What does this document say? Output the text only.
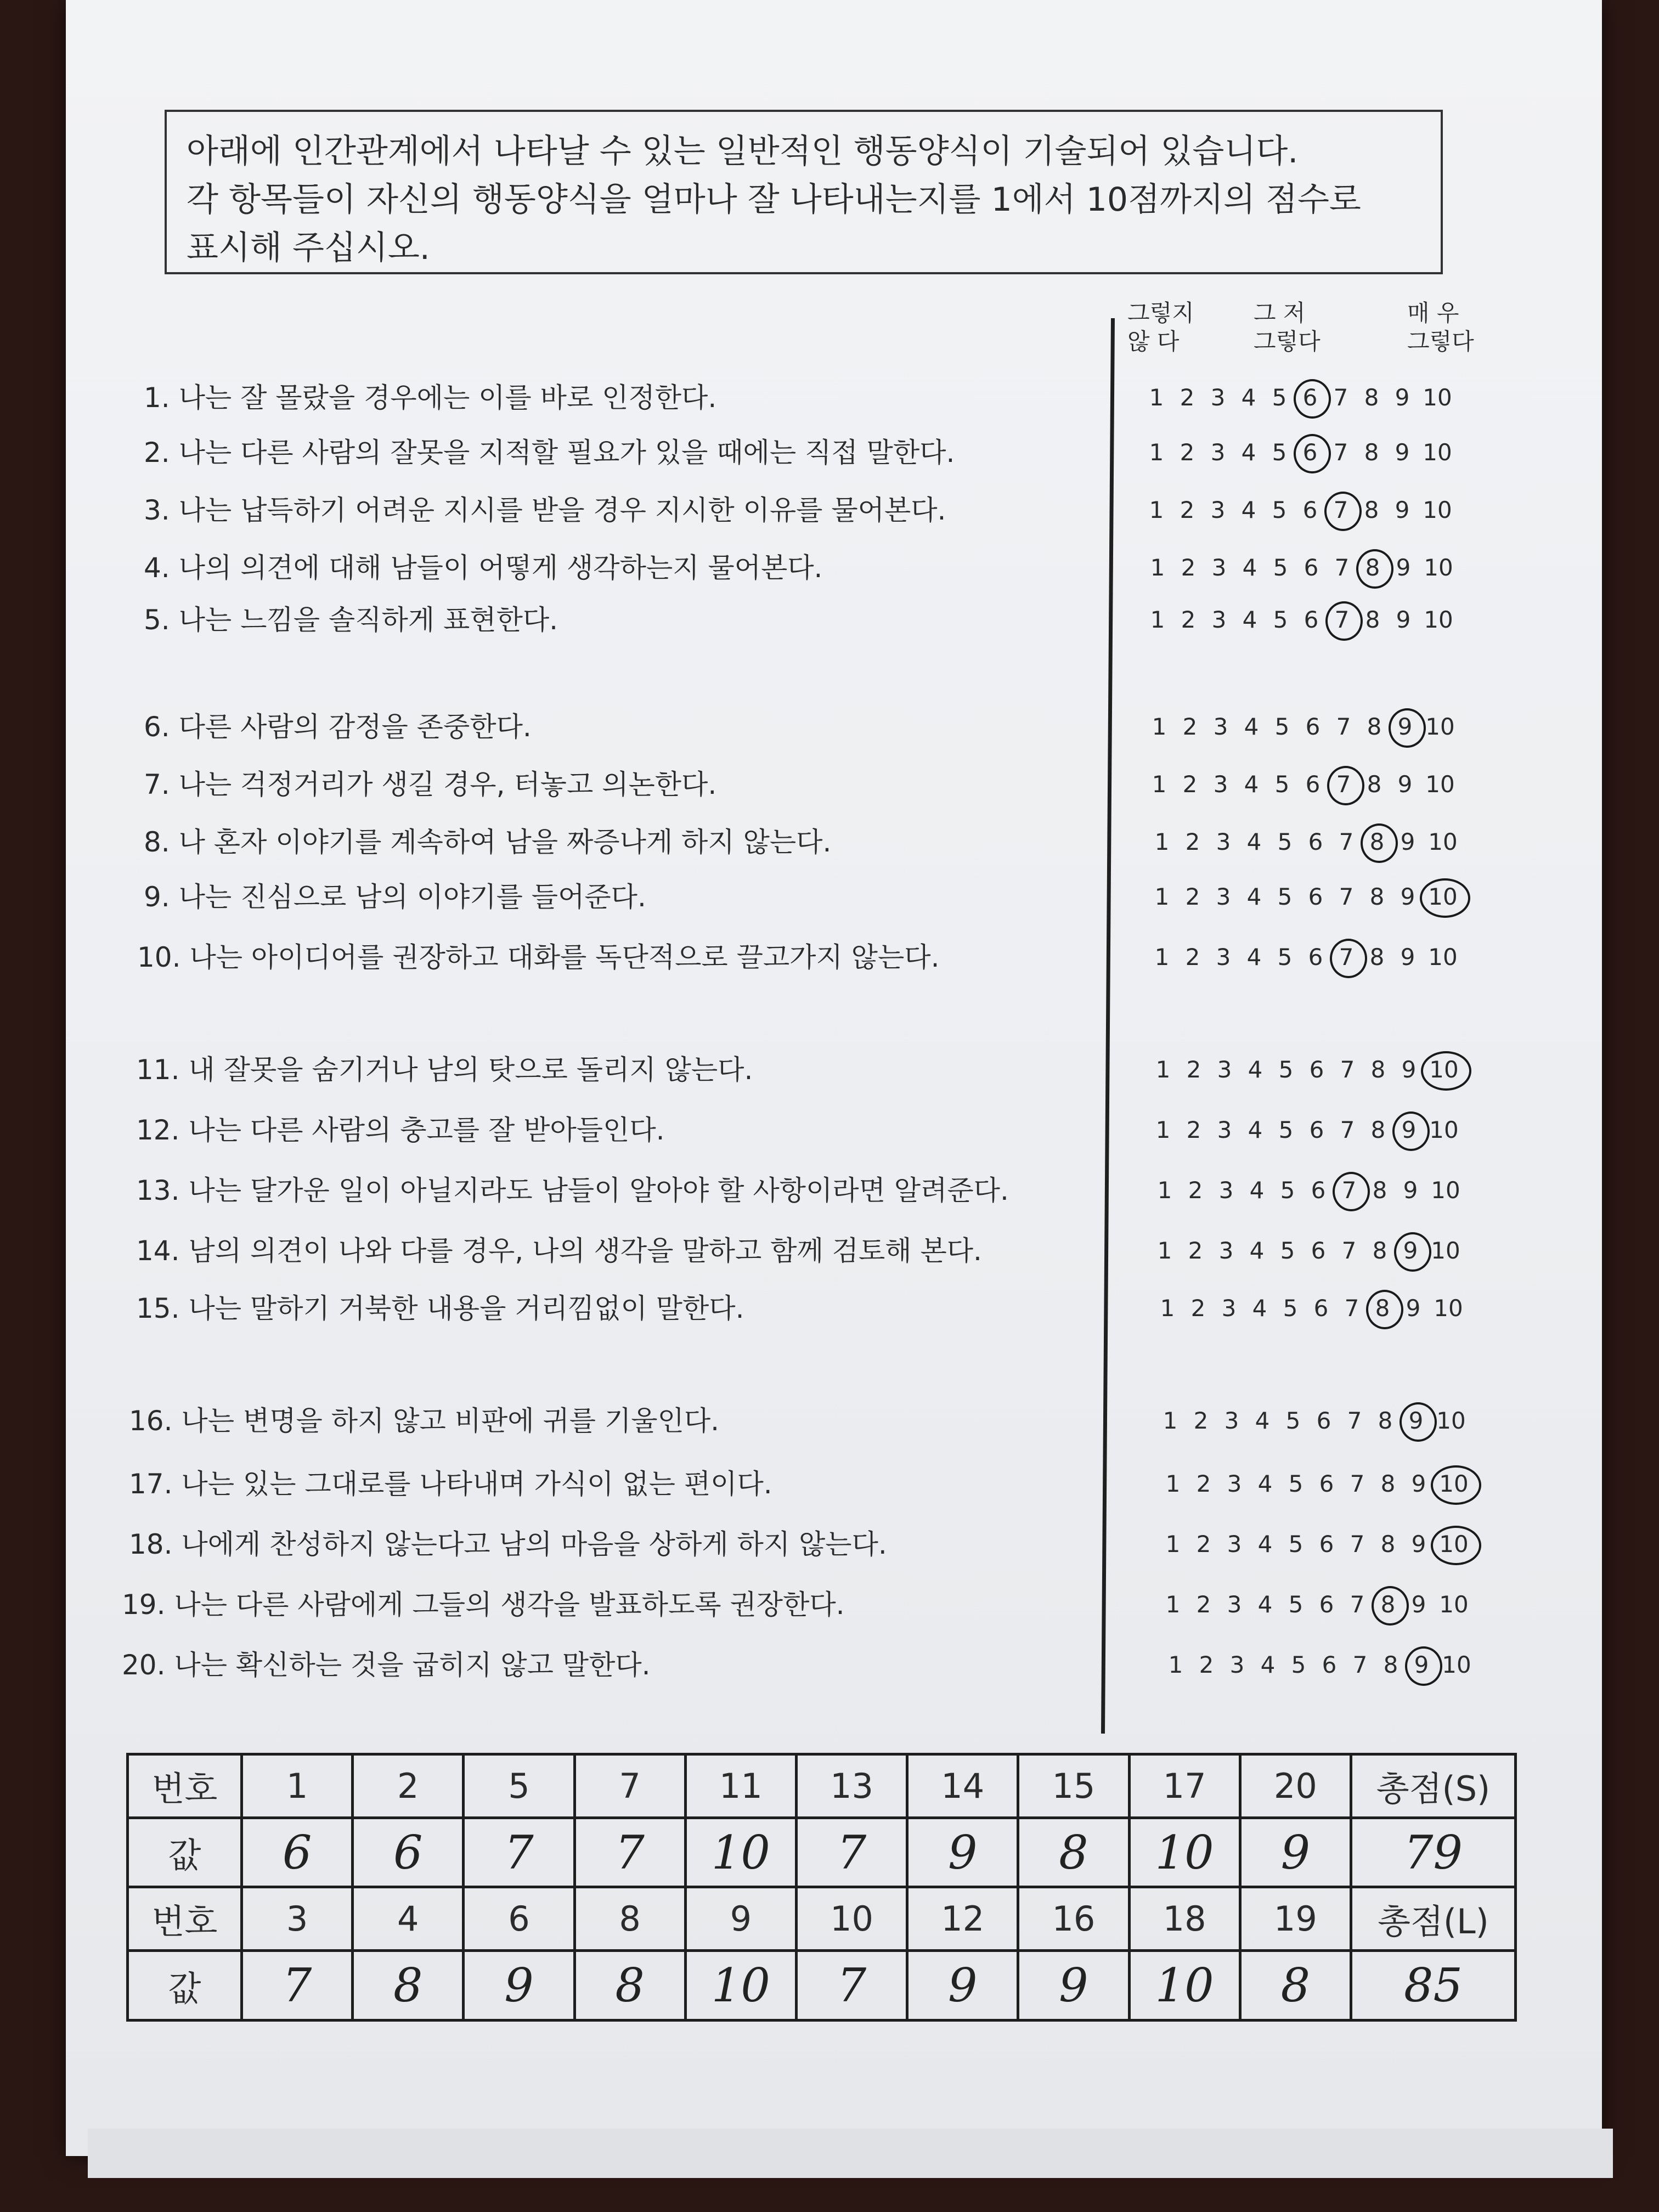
아래에 인간관계에서 나타날 수 있는 일반적인 행동양식이 기술되어 있습니다.

각 항목들이 자신의 행동양식을 얼마나 잘 나타내는지를 1에서 10점까지의 점수로

표시해 주십시오.

그렇지
않 다
그 저
그렇다
매 우
그렇다
1. 나는 잘 몰랐을 경우에는 이를 바로 인정한다.	1 2 3 4 5 6 7 8 9 10
2. 나는 다른 사람의 잘못을 지적할 필요가 있을 때에는 직접 말한다.	1 2 3 4 5 6 7 8 9 10
3. 나는 납득하기 어려운 지시를 받을 경우 지시한 이유를 물어본다.	1 2 3 4 5 6 7 8 9 10
4. 나의 의견에 대해 남들이 어떻게 생각하는지 물어본다.	1 2 3 4 5 6 7 8 9 10
5. 나는 느낌을 솔직하게 표현한다.	1 2 3 4 5 6 7 8 9 10
6. 다른 사람의 감정을 존중한다.	1 2 3 4 5 6 7 8 9 10
7. 나는 걱정거리가 생길 경우, 터놓고 의논한다.	1 2 3 4 5 6 7 8 9 10
8. 나 혼자 이야기를 계속하여 남을 짜증나게 하지 않는다.	1 2 3 4 5 6 7 8 9 10
9. 나는 진심으로 남의 이야기를 들어준다.	1 2 3 4 5 6 7 8 9 10
10. 나는 아이디어를 권장하고 대화를 독단적으로 끌고가지 않는다.	1 2 3 4 5 6 7 8 9 10
11. 내 잘못을 숨기거나 남의 탓으로 돌리지 않는다.	1 2 3 4 5 6 7 8 9 10
12. 나는 다른 사람의 충고를 잘 받아들인다.	1 2 3 4 5 6 7 8 9 10
13. 나는 달가운 일이 아닐지라도 남들이 알아야 할 사항이라면 알려준다.	1 2 3 4 5 6 7 8 9 10
14. 남의 의견이 나와 다를 경우, 나의 생각을 말하고 함께 검토해 본다.	1 2 3 4 5 6 7 8 9 10
15. 나는 말하기 거북한 내용을 거리낌없이 말한다.	1 2 3 4 5 6 7 8 9 10
16. 나는 변명을 하지 않고 비판에 귀를 기울인다.	1 2 3 4 5 6 7 8 9 10
17. 나는 있는 그대로를 나타내며 가식이 없는 편이다.	1 2 3 4 5 6 7 8 9 10
18. 나에게 찬성하지 않는다고 남의 마음을 상하게 하지 않는다.	1 2 3 4 5 6 7 8 9 10
19. 나는 다른 사람에게 그들의 생각을 발표하도록 권장한다.	1 2 3 4 5 6 7 8 9 10
20. 나는 확신하는 것을 굽히지 않고 말한다.	1 2 3 4 5 6 7 8 9 10
번호	1	2	5	7	11	13	14	15	17	20	총점(S)
값	6	6	7	7	10	7	9	8	10	9	79
번호	3	4	6	8	9	10	12	16	18	19	총점(L)
값	7	8	9	8	10	7	9	9	10	8	85
